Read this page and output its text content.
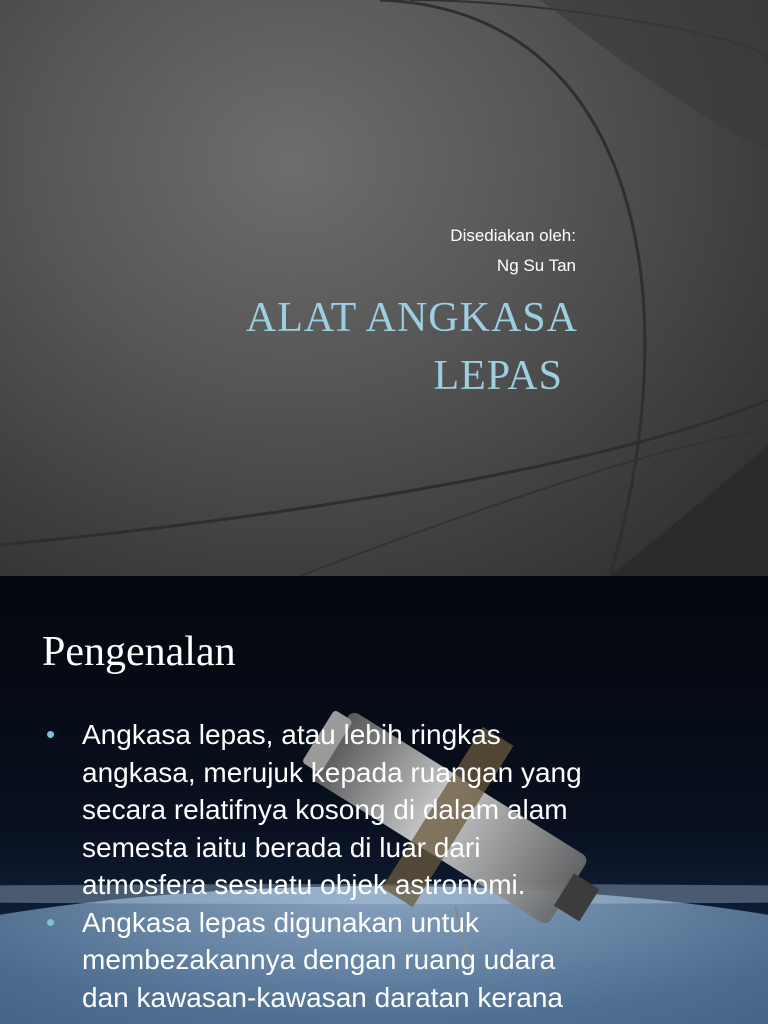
Disediakan oleh:
Ng Su Tan
ALAT ANGKASA
LEPAS
Pengenalan
• Angkasa lepas, atau lebih ringkas
angkasa, merujuk kepada ruangan yang
secara relatifnya kosong di dalam alam
semesta iaitu berada di luar dari
atmosfera sesuatu objek astronomi.
• Angkasa lepas digunakan untuk
membezakannya dengan ruang udara
dan kawasan-kawasan daratan kerana
